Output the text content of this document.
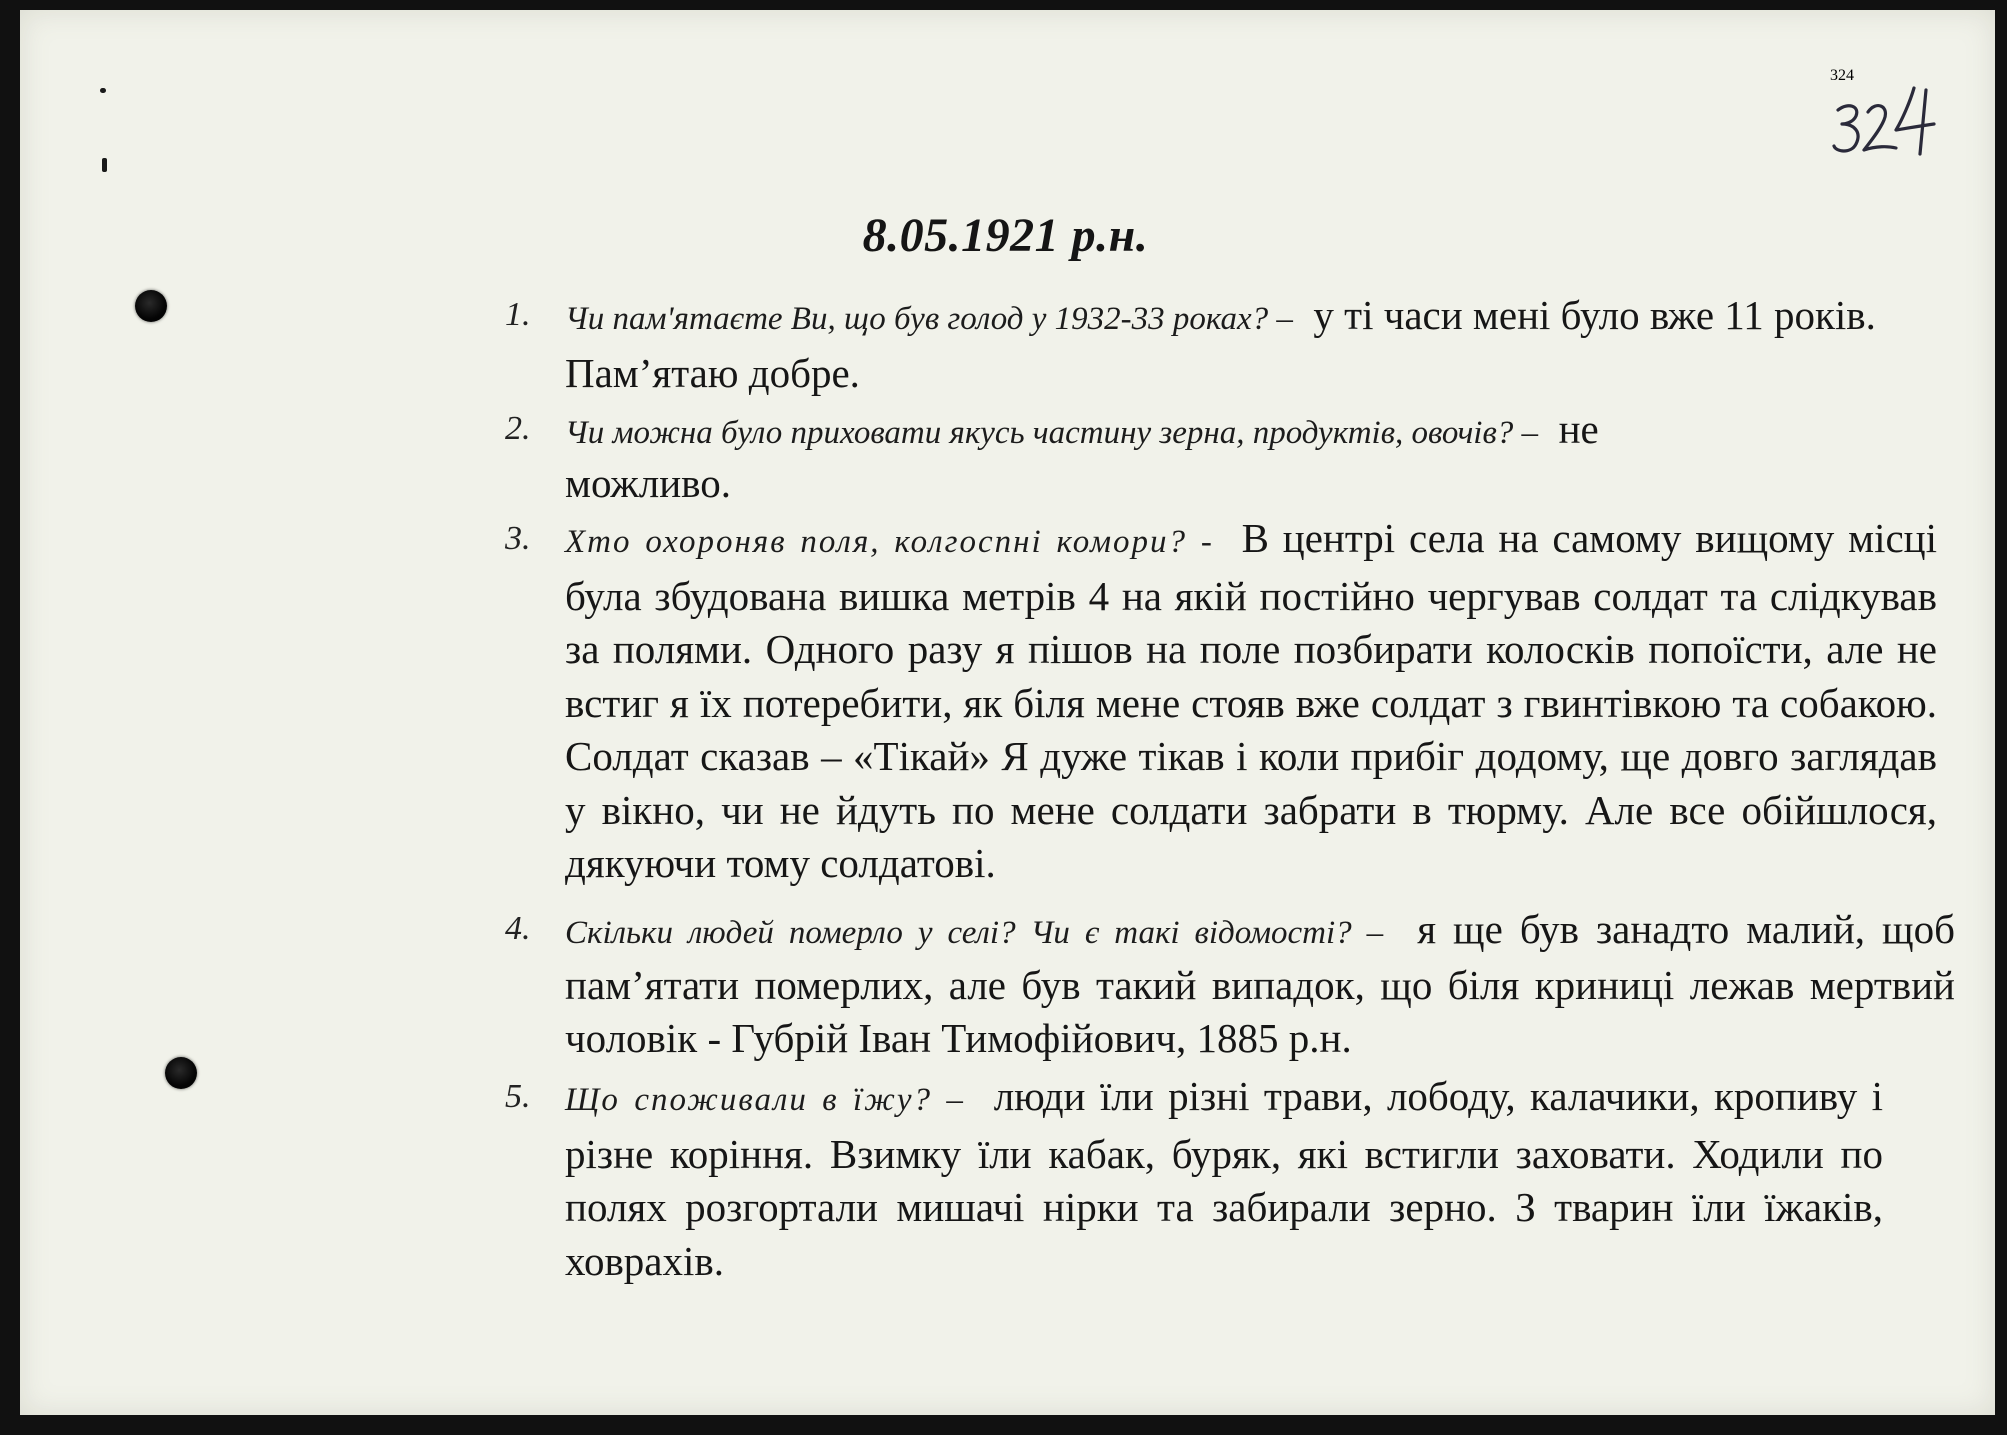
324
8.05.1921 р.н.
1. Чи пам'ятаєте Ви, що був голод у 1932-33 роках? – у ті часи мені було вже 11 років. Пам’ятаю добре.
2. Чи можна було приховати якусь частину зерна, продуктів, овочів? – не можливо.
3. Хто охороняв поля, колгоспні комори? - В центрі села на самому вищому місці була збудована вишка метрів 4 на якій постійно чергував солдат та слідкував за полями. Одного разу я пішов на поле позбирати колосків попоїсти, але не встиг я їх потеребити, як біля мене стояв вже солдат з гвинтівкою та собакою. Солдат сказав – «Тікай» Я дуже тікав і коли прибіг додому, ще довго заглядав у вікно, чи не йдуть по мене солдати забрати в тюрму. Але все обійшлося, дякуючи тому солдатові.
4. Скільки людей померло у селі? Чи є такі відомості? – я ще був занадто малий, щоб пам’ятати померлих, але був такий випадок, що біля криниці лежав мертвий чоловік - Губрій Іван Тимофійович, 1885 р.н.
5. Що споживали в їжу? – люди їли різні трави, лободу, калачики, кропиву і різне коріння. Взимку їли кабак, буряк, які встигли заховати. Ходили по полях розгортали мишачі нірки та забирали зерно. З тварин їли їжаків, ховрахів.
